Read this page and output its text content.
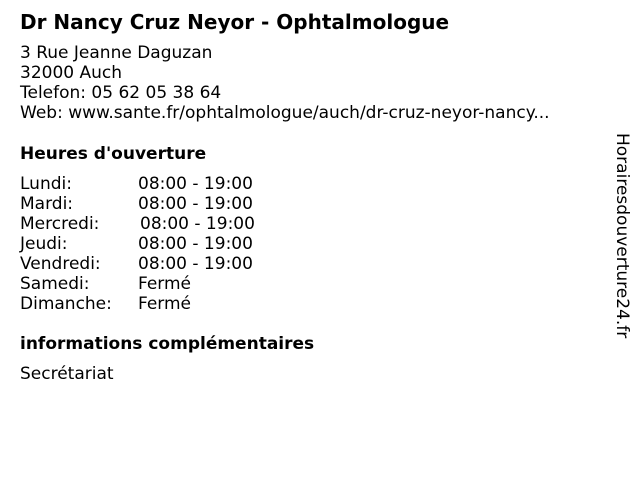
Dr Nancy Cruz Neyor - Ophtalmologue
3 Rue Jeanne Daguzan
32000 Auch
Telefon: 05 62 05 38 64
Web: www.sante.fr/ophtalmologue/auch/dr-cruz-neyor-nancy...
Heures d'ouverture
Lundi:	08:00 - 19:00
Mardi:	08:00 - 19:00
Mercredi: 08:00 - 19:00
Jeudi:	08:00 - 19:00
Vendredi: 08:00 - 19:00
Samedi:	Fermé
Dimanche: Fermé
informations complémentaires
Secrétariat
Horairesdouverture24.fr
